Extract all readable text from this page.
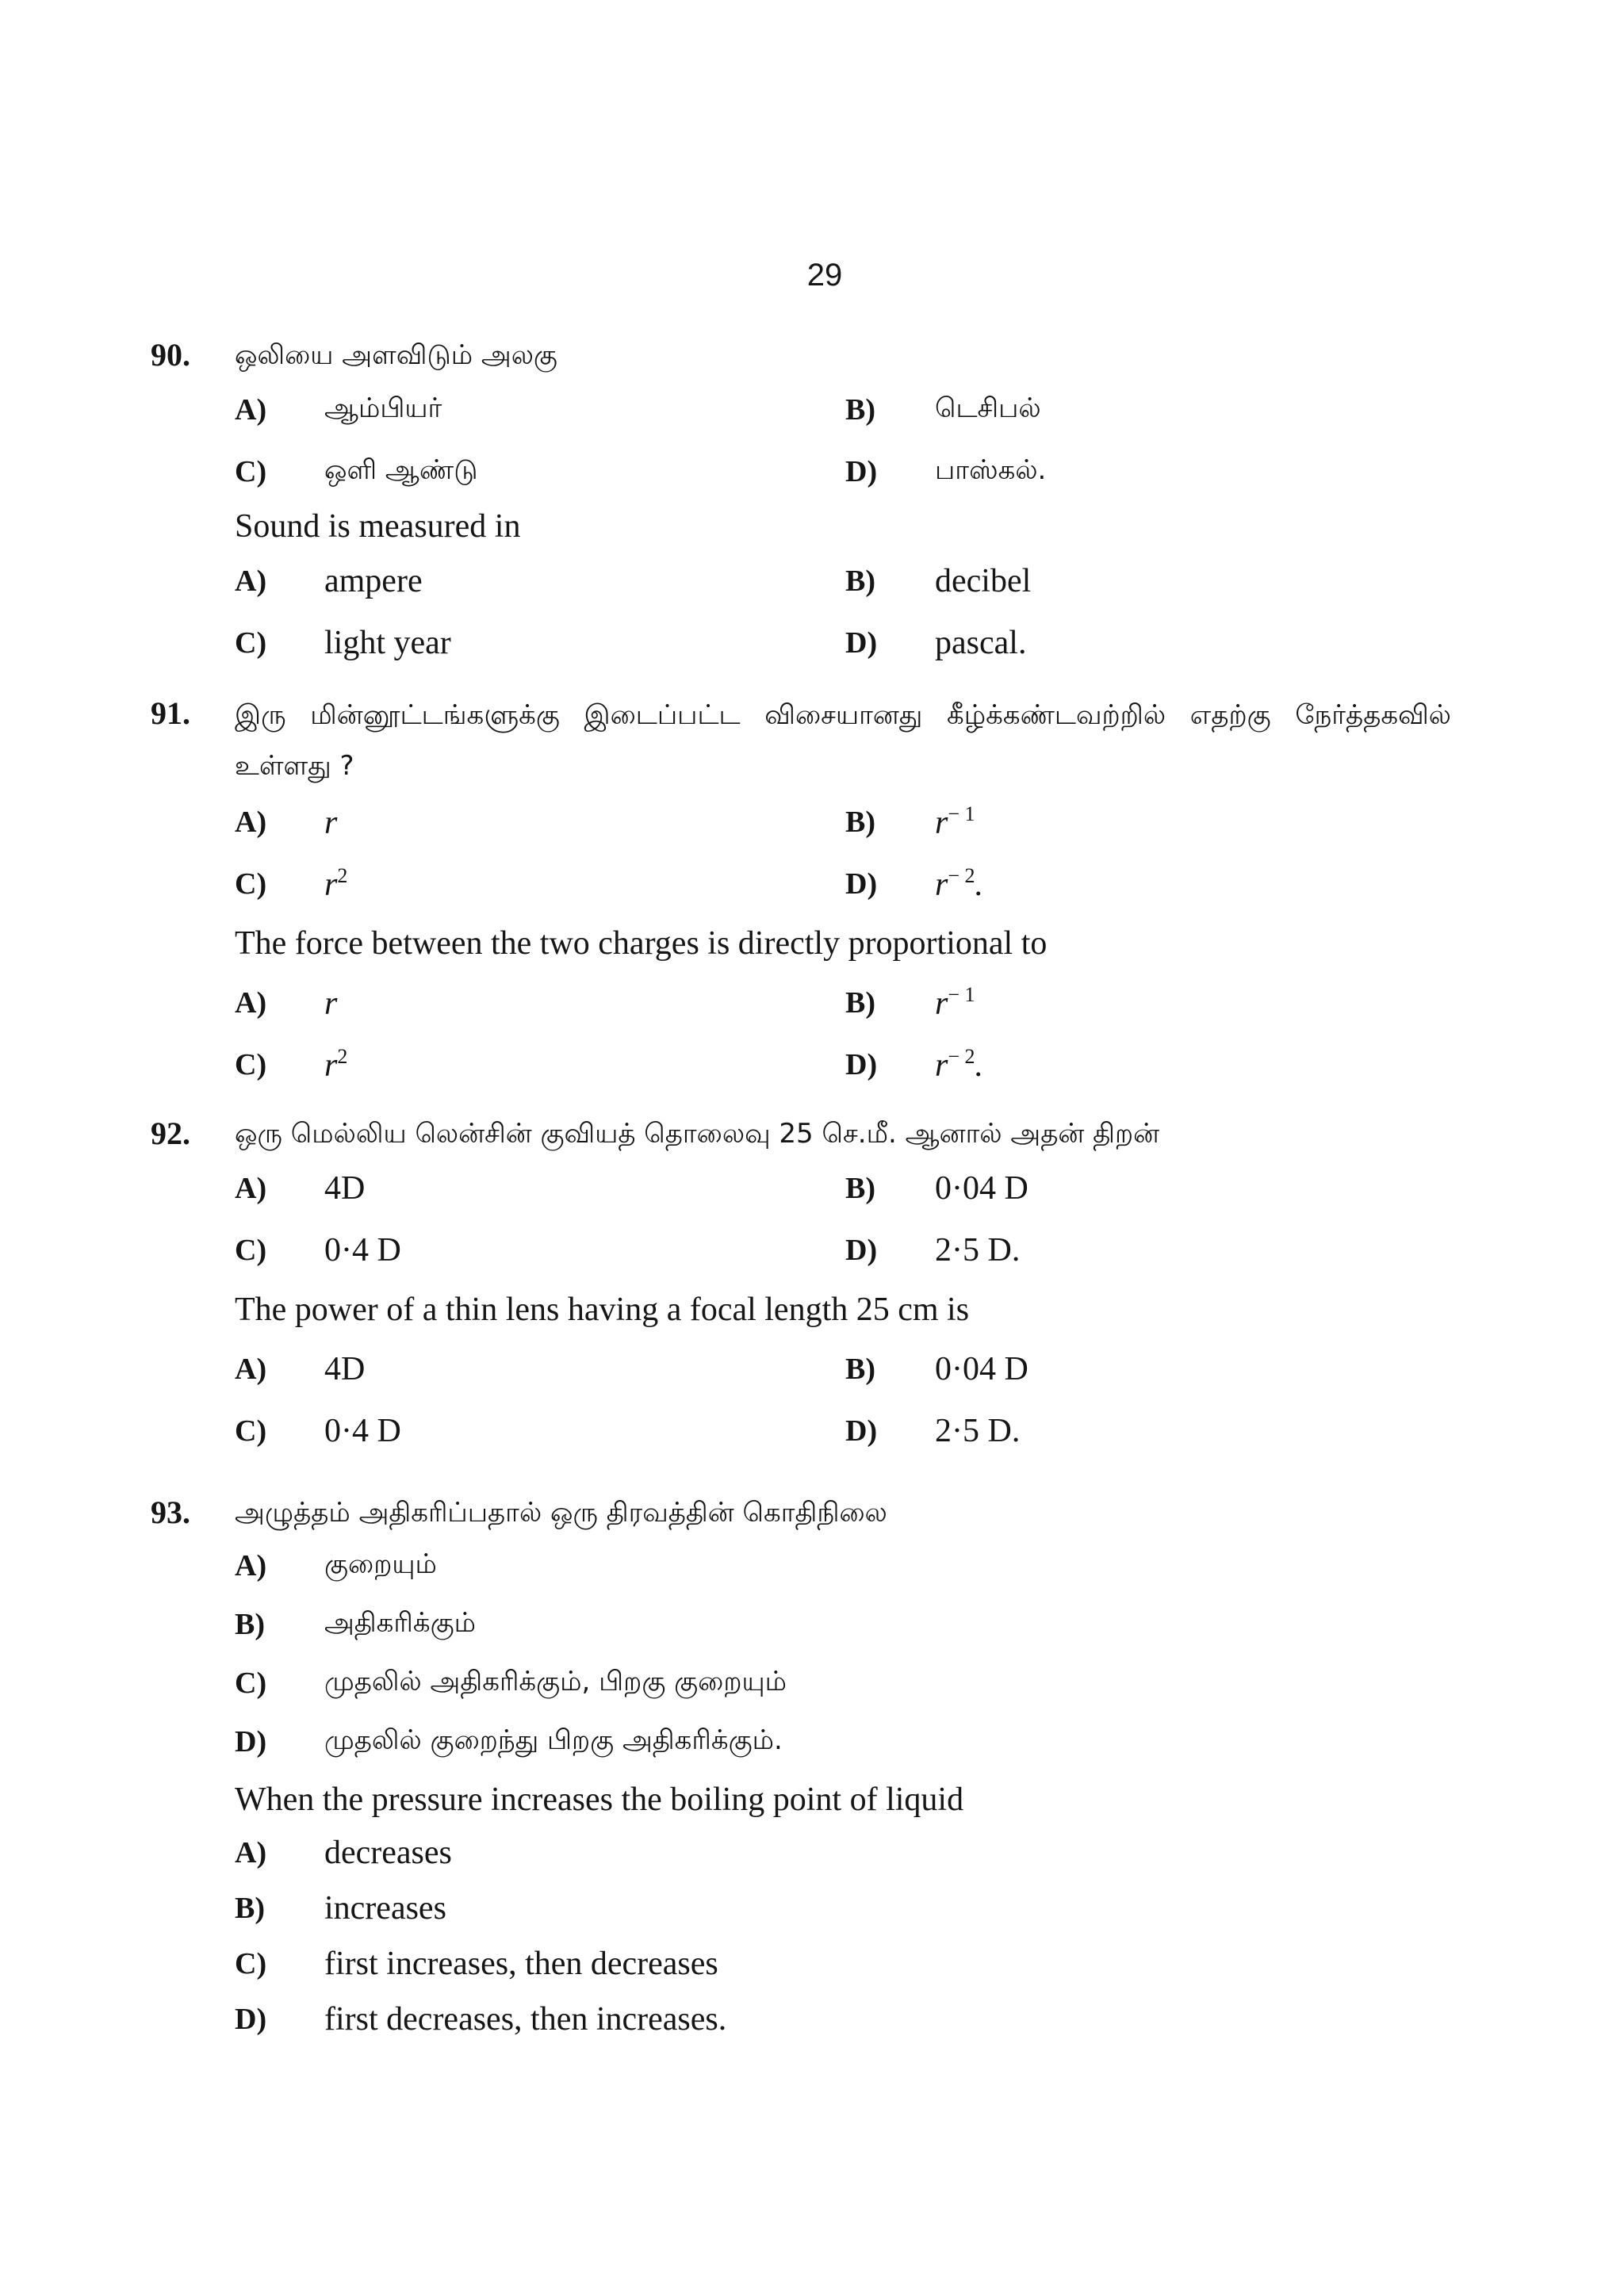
29
90. ஒலியை அளவிடும் அலகு
A)	ஆம்பியர்	B)	டெசிபல்
C)	ஒளி ஆண்டு	D)	பாஸ்கல்.
Sound is measured in
A)	ampere	B)	decibel
C)	light year	D)	pascal.
91. இரு மின்னூட்டங்களுக்கு இடைப்பட்ட விசையானது கீழ்க்கண்டவற்றில் எதற்கு நேர்த்தகவில் உள்ளது ?
A)	r	B)	$r^{- 1}$
C)	$r^2$	D)	$r^{- 2}$.
The force between the two charges is directly proportional to
A)	r	B)	$r^{- 1}$
C)	$r^2$	D)	$r^{- 2}$.
92. ஒரு மெல்லிய லென்சின் குவியத் தொலைவு 25 செ.மீ. ஆனால் அதன் திறன்
A)	4D	B)	0·04 D
C)	0·4 D	D)	2·5 D.
The power of a thin lens having a focal length 25 cm is
A)	4D	B)	0·04 D
C)	0·4 D	D)	2·5 D.
93. அழுத்தம் அதிகரிப்பதால் ஒரு திரவத்தின் கொதிநிலை
A)	குறையும்
B)	அதிகரிக்கும்
C)	முதலில் அதிகரிக்கும், பிறகு குறையும்
D)	முதலில் குறைந்து பிறகு அதிகரிக்கும்.
When the pressure increases the boiling point of liquid
A)	decreases
B)	increases
C)	first increases, then decreases
D)	first decreases, then increases.
